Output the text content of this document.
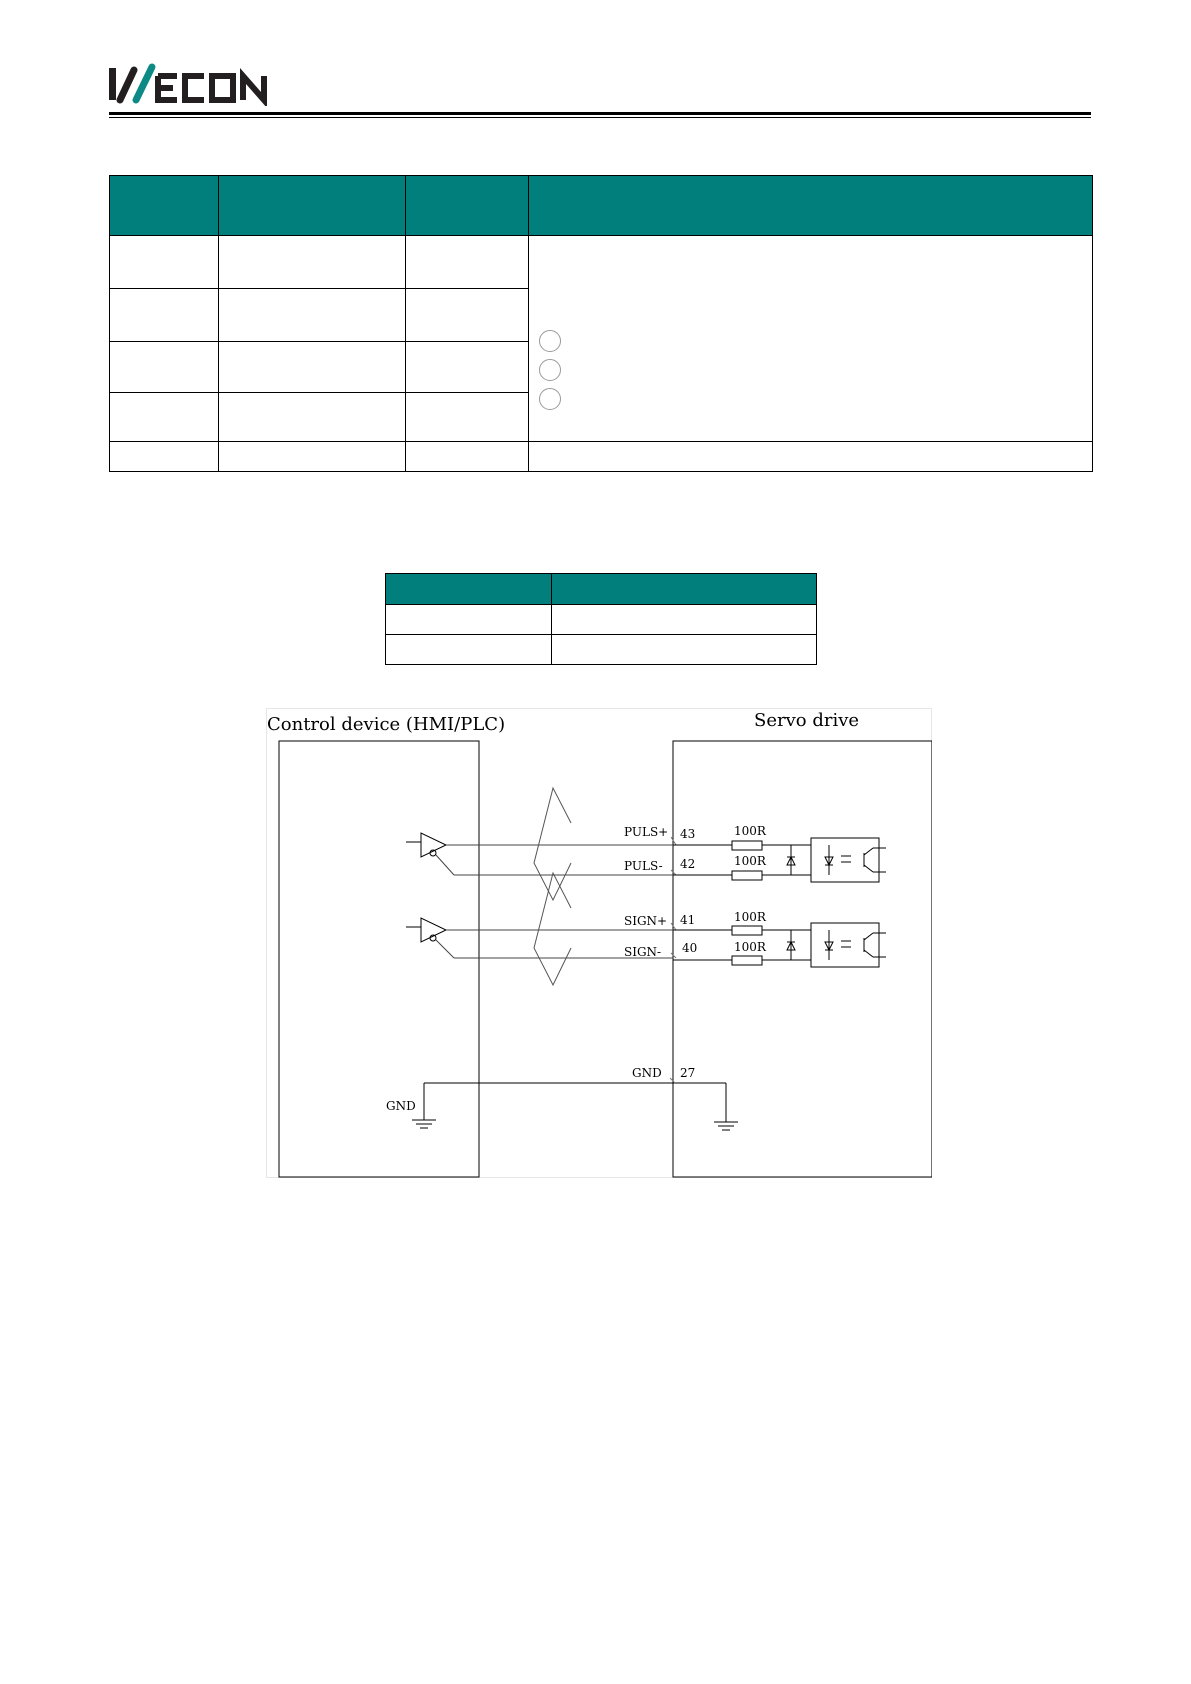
Control device (HMI/PLC)	Servo drive
PULS+
PULS-
43
42
100R
100R
SIGN+
SIGN-
41
40
100R
100R
GND 27
GND
